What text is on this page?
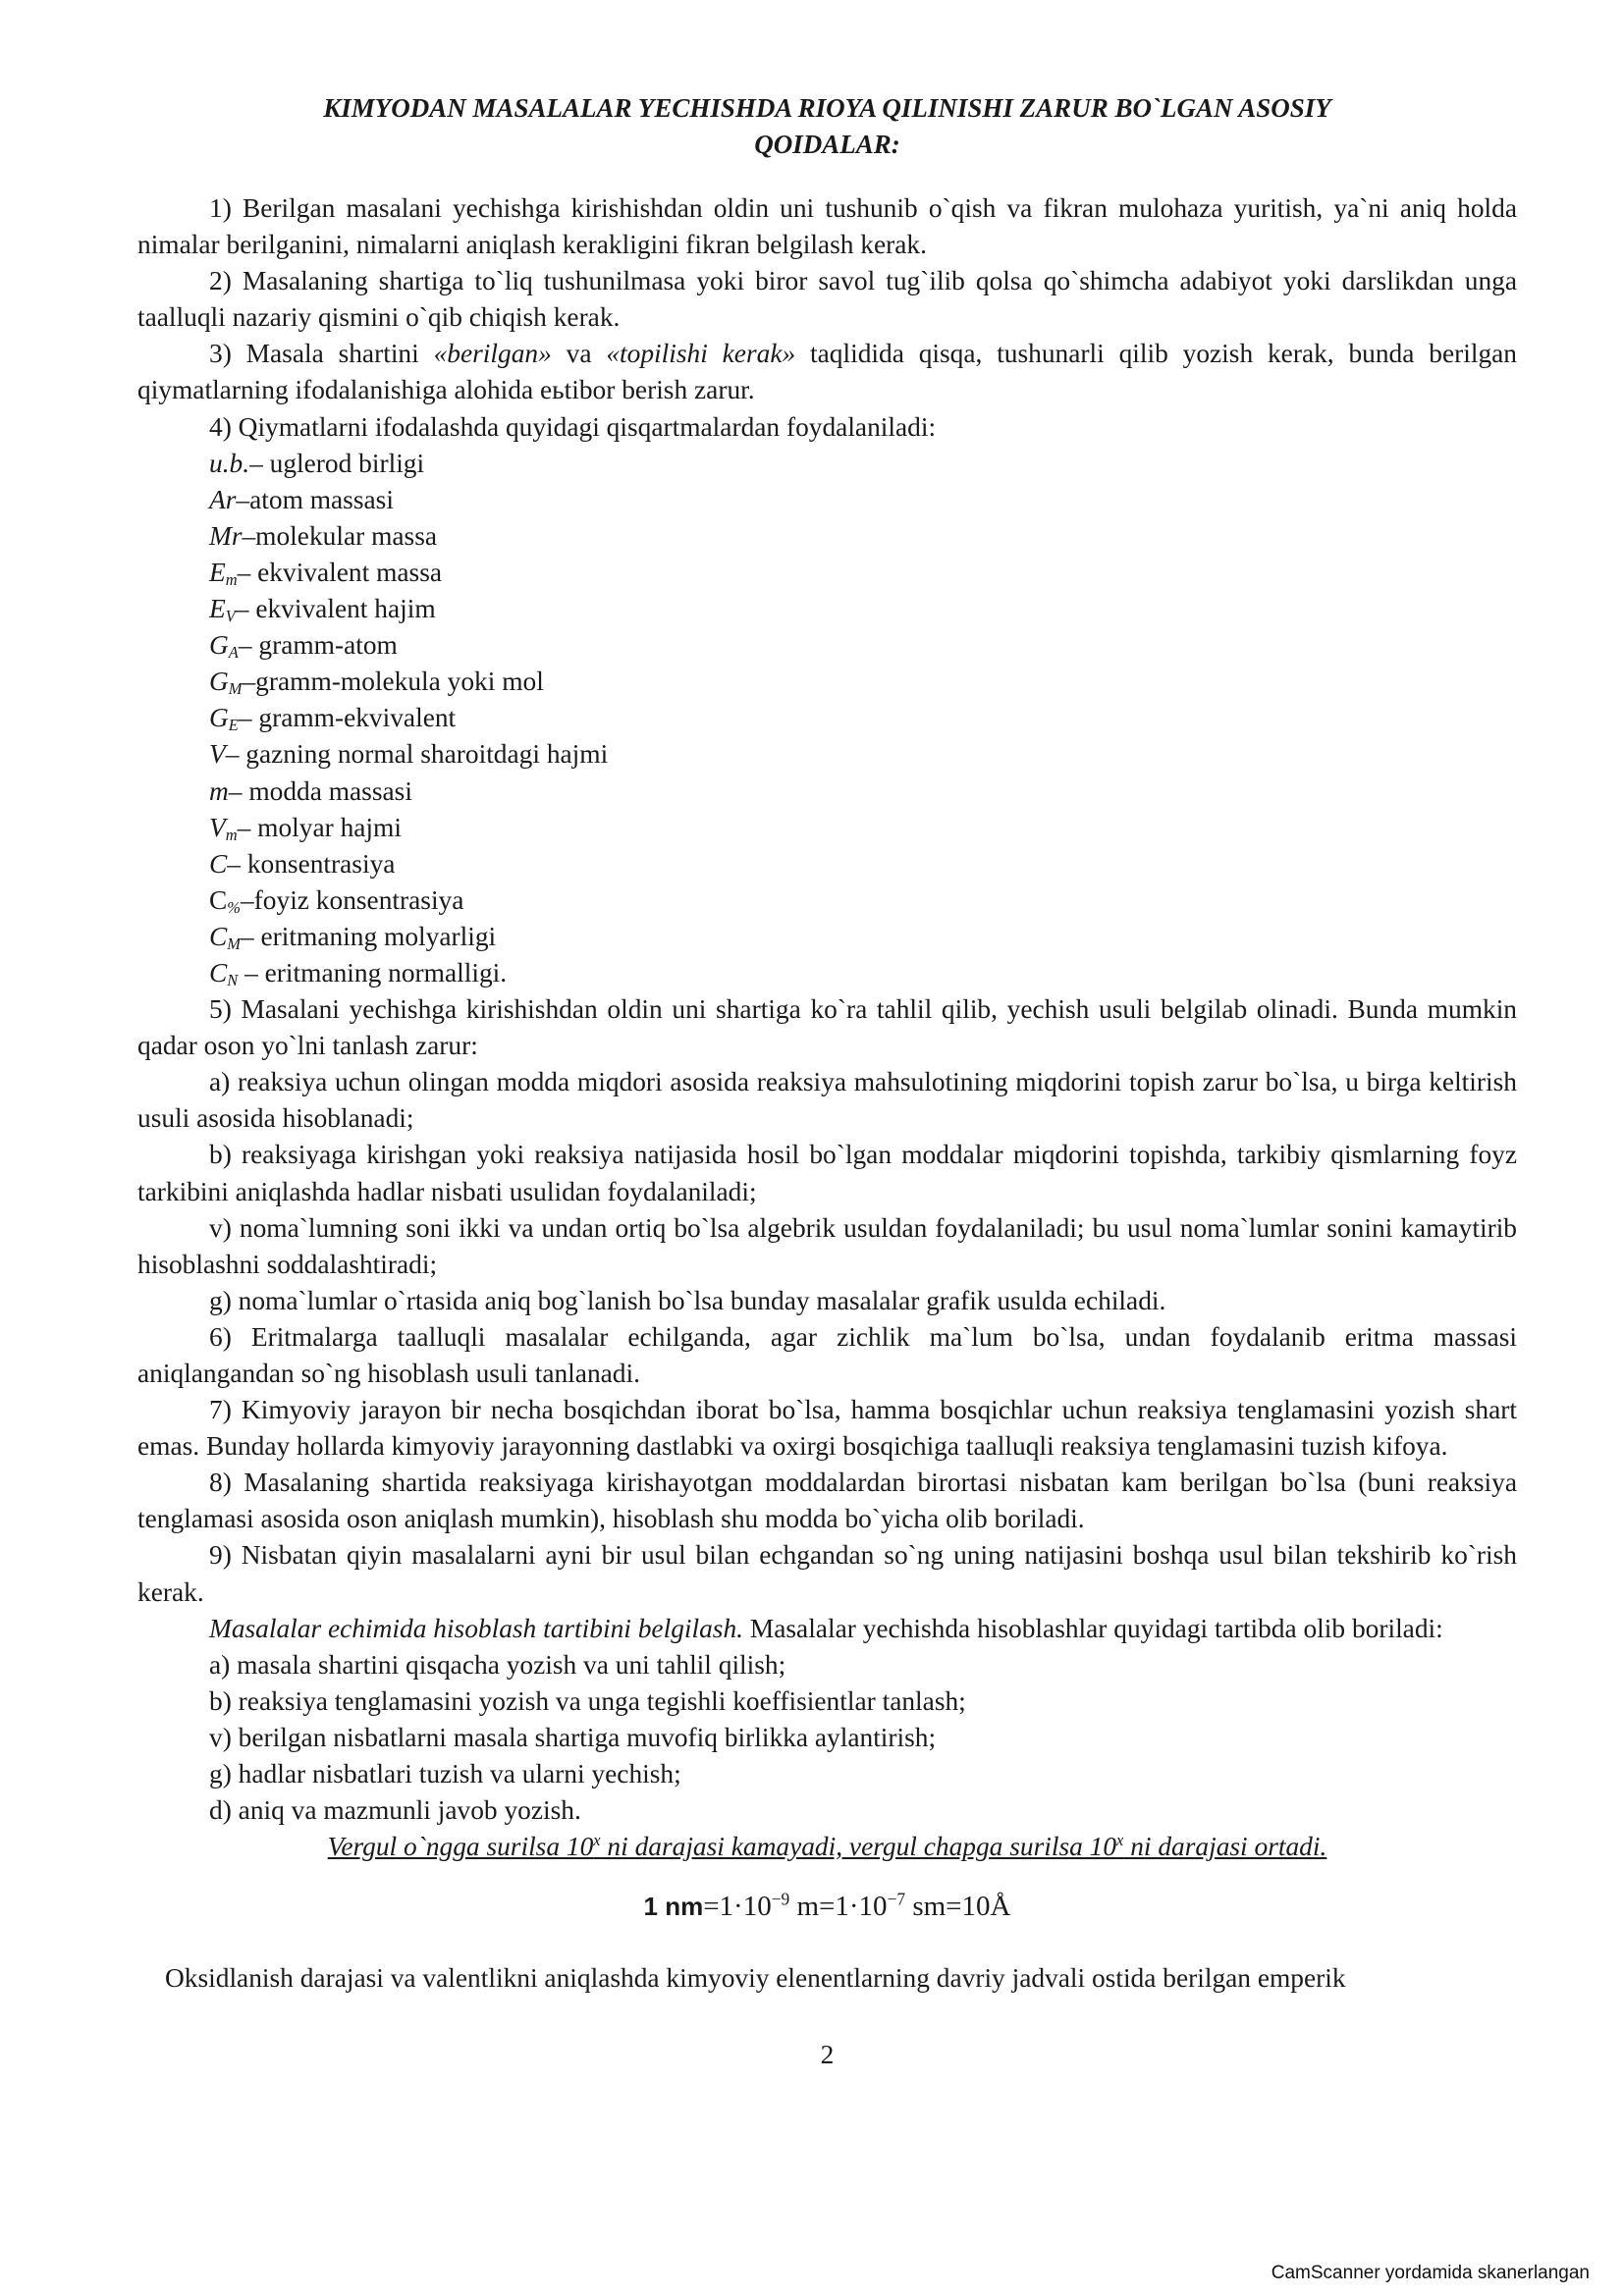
KIMYODAN MASALALAR YECHISHDA RIOYA QILINISHI ZARUR BO`LGAN ASOSIY
QOIDALAR:

1) Berilgan masalani yechishga kirishishdan oldin uni tushunib o`qish va fikran mulohaza yuritish, ya`ni aniq holda nimalar berilganini, nimalarni aniqlash kerakligini fikran belgilash kerak.

2) Masalaning shartiga to`liq tushunilmasa yoki biror savol tug`ilib qolsa qo`shimcha adabiyot yoki darslikdan unga taalluqli nazariy qismini o`qib chiqish kerak.

3) Masala shartini «berilgan» va «topilishi kerak» taqlidida qisqa, tushunarli qilib yozish kerak, bunda berilgan qiymatlarning ifodalanishiga alohida eьtibor berish zarur.

4) Qiymatlarni ifodalashda quyidagi qisqartmalardan foydalaniladi:

u.b.– uglerod birligi

Ar–atom massasi

Mr–molekular massa

$E_m-$ ekvivalent massa

$E_V-$ ekvivalent hajim

$G_A-$ gramm-atom

$G_M-gramm$-molekula yoki mol

$G_E-$ gramm-ekvivalent

V– gazning normal sharoitdagi hajmi

m– modda massasi

$V_m-$ molyar hajmi

C– konsentrasiya

$C_{\%}$–foyiz konsentrasiya

$C_M-$ eritmaning molyarligi

$C_N$ – eritmaning normalligi.

5) Masalani yechishga kirishishdan oldin uni shartiga ko`ra tahlil qilib, yechish usuli belgilab olinadi. Bunda mumkin qadar oson yo`lni tanlash zarur:

a) reaksiya uchun olingan modda miqdori asosida reaksiya mahsulotining miqdorini topish zarur bo`lsa, u birga keltirish usuli asosida hisoblanadi;

b) reaksiyaga kirishgan yoki reaksiya natijasida hosil bo`lgan moddalar miqdorini topishda, tarkibiy qismlarning foyz tarkibini aniqlashda hadlar nisbati usulidan foydalaniladi;

v) noma`lumning soni ikki va undan ortiq bo`lsa algebrik usuldan foydalaniladi; bu usul noma`lumlar sonini kamaytirib hisoblashni soddalashtiradi;

g) noma`lumlar o`rtasida aniq bog`lanish bo`lsa bunday masalalar grafik usulda echiladi.

6) Eritmalarga taalluqli masalalar echilganda, agar zichlik ma`lum bo`lsa, undan foydalanib eritma massasi aniqlangandan so`ng hisoblash usuli tanlanadi.

7) Kimyoviy jarayon bir necha bosqichdan iborat bo`lsa, hamma bosqichlar uchun reaksiya tenglamasini yozish shart emas. Bunday hollarda kimyoviy jarayonning dastlabki va oxirgi bosqichiga taalluqli reaksiya tenglamasini tuzish kifoya.

8) Masalaning shartida reaksiyaga kirishayotgan moddalardan birortasi nisbatan kam berilgan bo`lsa (buni reaksiya tenglamasi asosida oson aniqlash mumkin), hisoblash shu modda bo`yicha olib boriladi.

9) Nisbatan qiyin masalalarni ayni bir usul bilan echgandan so`ng uning natijasini boshqa usul bilan tekshirib ko`rish kerak.

Masalalar echimida hisoblash tartibini belgilash. Masalalar yechishda hisoblashlar quyidagi tartibda olib boriladi:

a) masala shartini qisqacha yozish va uni tahlil qilish;

b) reaksiya tenglamasini yozish va unga tegishli koeffisientlar tanlash;

v) berilgan nisbatlarni masala shartiga muvofiq birlikka aylantirish;

g) hadlar nisbatlari tuzish va ularni yechish;

d) aniq va mazmunli javob yozish.

Vergul o`ngga surilsa 10$^x$ ni darajasi kamayadi, vergul chapga surilsa 10$^x$ ni darajasi ortadi.

1 $nm=1\cdot 10^{-9}$ $m=1\cdot 10^{-7}$ sm=10Å

Oksidlanish darajasi va valentlikni aniqlashda kimyoviy elenentlarning davriy jadvali ostida berilgan emperik

2
CamScanner yordamida skanerlangan
